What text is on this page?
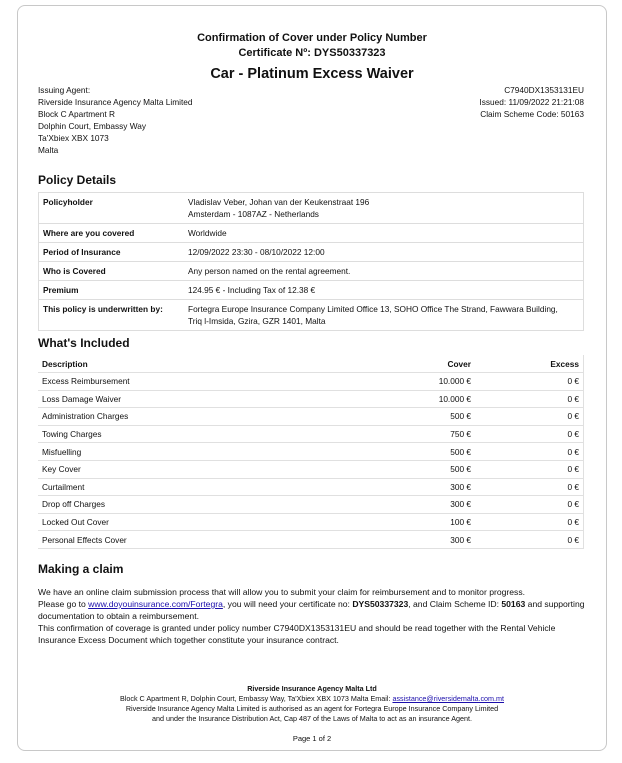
Confirmation of Cover under Policy Number
Certificate Nº: DYS50337323
Car - Platinum Excess Waiver
Issuing Agent:
Riverside Insurance Agency Malta Limited
Block C Apartment R
Dolphin Court, Embassy Way
Ta'Xbiex XBX 1073
Malta
C7940DX1353131EU
Issued: 11/09/2022 21:21:08
Claim Scheme Code: 50163
Policy Details
Policyholder	Vladislav Veber, Johan van der Keukenstraat 196
Amsterdam - 1087AZ - Netherlands

Where are you covered	Worldwide

Period of Insurance	12/09/2022 23:30 - 08/10/2022 12:00

Who is Covered	Any person named on the rental agreement.

Premium	124.95 € - Including Tax of 12.38 €

This policy is underwritten by:	Fortegra Europe Insurance Company Limited Office 13, SOHO Office The Strand, Fawwara Building,
Triq l-Imsida, Gzira, GZR 1401, Malta
What's Included
Description	Cover	Excess
Excess Reimbursement	10.000 €	0 €
Loss Damage Waiver	10.000 €	0 €
Administration Charges	500 €	0 €
Towing Charges	750 €	0 €
Misfuelling	500 €	0 €
Key Cover	500 €	0 €
Curtailment	300 €	0 €
Drop off Charges	300 €	0 €
Locked Out Cover	100 €	0 €
Personal Effects Cover	300 €	0 €
Making a claim
We have an online claim submission process that will allow you to submit your claim for reimbursement and to monitor progress.
Please go to www.doyouinsurance.com/Fortegra, you will need your certificate no: DYS50337323, and Claim Scheme ID: 50163 and supporting documentation to obtain a reimbursement.
This confirmation of coverage is granted under policy number C7940DX1353131EU and should be read together with the Rental Vehicle Insurance Excess Document which together constitute your insurance contract.
Riverside Insurance Agency Malta Ltd
Block C Apartment R, Dolphin Court, Embassy Way, Ta'Xbiex XBX 1073 Malta Email: assistance@riversidemalta.com.mt
Riverside Insurance Agency Malta Limited is authorised as an agent for Fortegra Europe Insurance Company Limited
and under the Insurance Distribution Act, Cap 487 of the Laws of Malta to act as an insurance Agent.
Page 1 of 2
